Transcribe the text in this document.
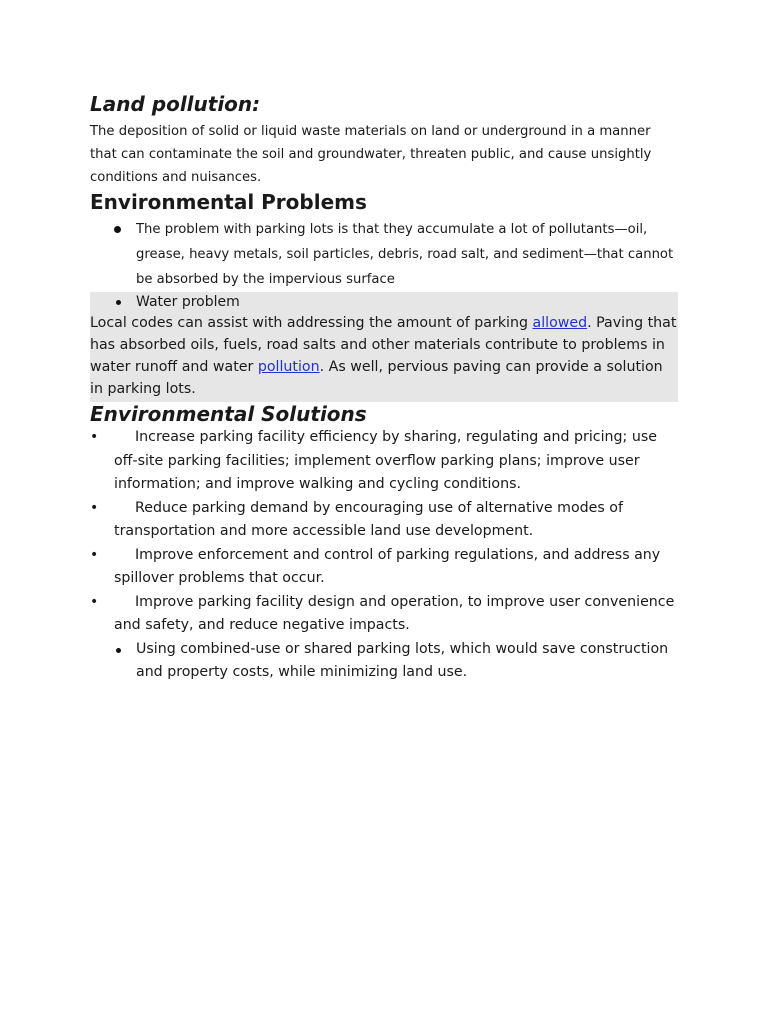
Land pollution:

The deposition of solid or liquid waste materials on land or underground in a manner that can contaminate the soil and groundwater, threaten public, and cause unsightly conditions and nuisances.

Environmental Problems
The problem with parking lots is that they accumulate a lot of pollutants—oil, grease, heavy metals, soil particles, debris, road salt, and sediment—that cannot be absorbed by the impervious surface
Water problem

Local codes can assist with addressing the amount of parking allowed. Paving that has absorbed oils, fuels, road salts and other materials contribute to problems in water runoff and water pollution. As well, pervious paving can provide a solution in parking lots.

Environmental Solutions
•	Increase parking facility efficiency by sharing, regulating and pricing; use off-site parking facilities; implement overflow parking plans; improve user information; and improve walking and cycling conditions.
•	Reduce parking demand by encouraging use of alternative modes of transportation and more accessible land use development.
•	Improve enforcement and control of parking regulations, and address any spillover problems that occur.
•	Improve parking facility design and operation, to improve user convenience and safety, and reduce negative impacts.
Using combined-use or shared parking lots, which would save construction and property costs, while minimizing land use.
